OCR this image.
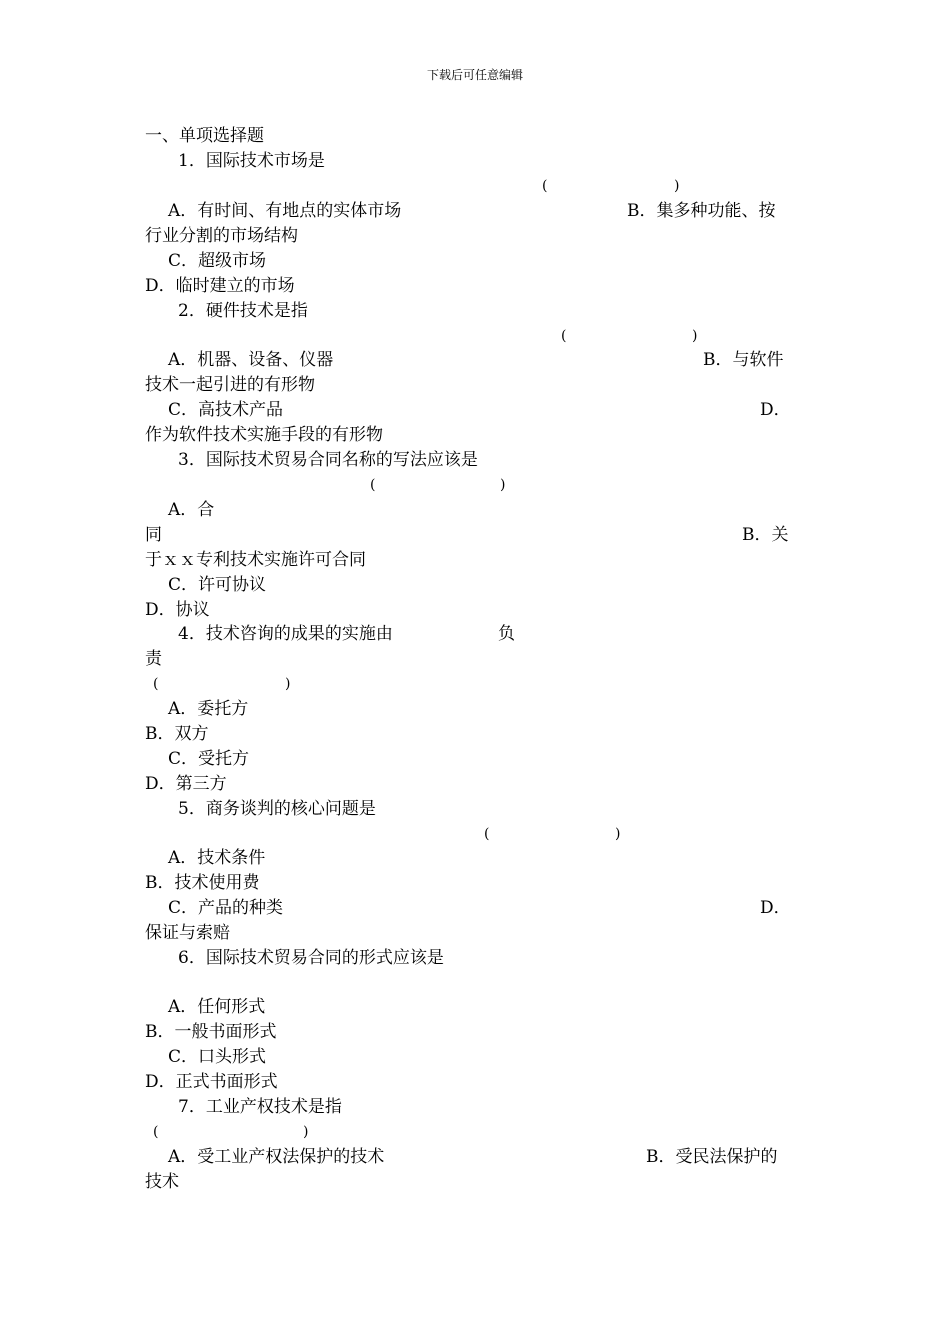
下载后可任意编辑
一、单项选择题
1．国际技术市场是
(	)
A．有时间、有地点的实体市场	B．集多种功能、按
行业分割的市场结构
C．超级市场
D．临时建立的市场
2．硬件技术是指
(	)
A．机器、设备、仪器	B．与软件
技术一起引进的有形物
C．高技术产品	D．
作为软件技术实施手段的有形物
3．国际技术贸易合同名称的写法应该是
(	)
A．合
同	B．关
于ｘｘ专利技术实施许可合同
C．许可协议
D．协议
4．技术咨询的成果的实施由	负
责
(	)
A．委托方
B．双方
C．受托方
D．第三方
5．商务谈判的核心问题是
(	)
A．技术条件
B．技术使用费
C．产品的种类	D．
保证与索赔
6．国际技术贸易合同的形式应该是
A．任何形式
B．一般书面形式
C．口头形式
D．正式书面形式
7．工业产权技术是指
(	)
A．受工业产权法保护的技术	B．受民法保护的
技术
